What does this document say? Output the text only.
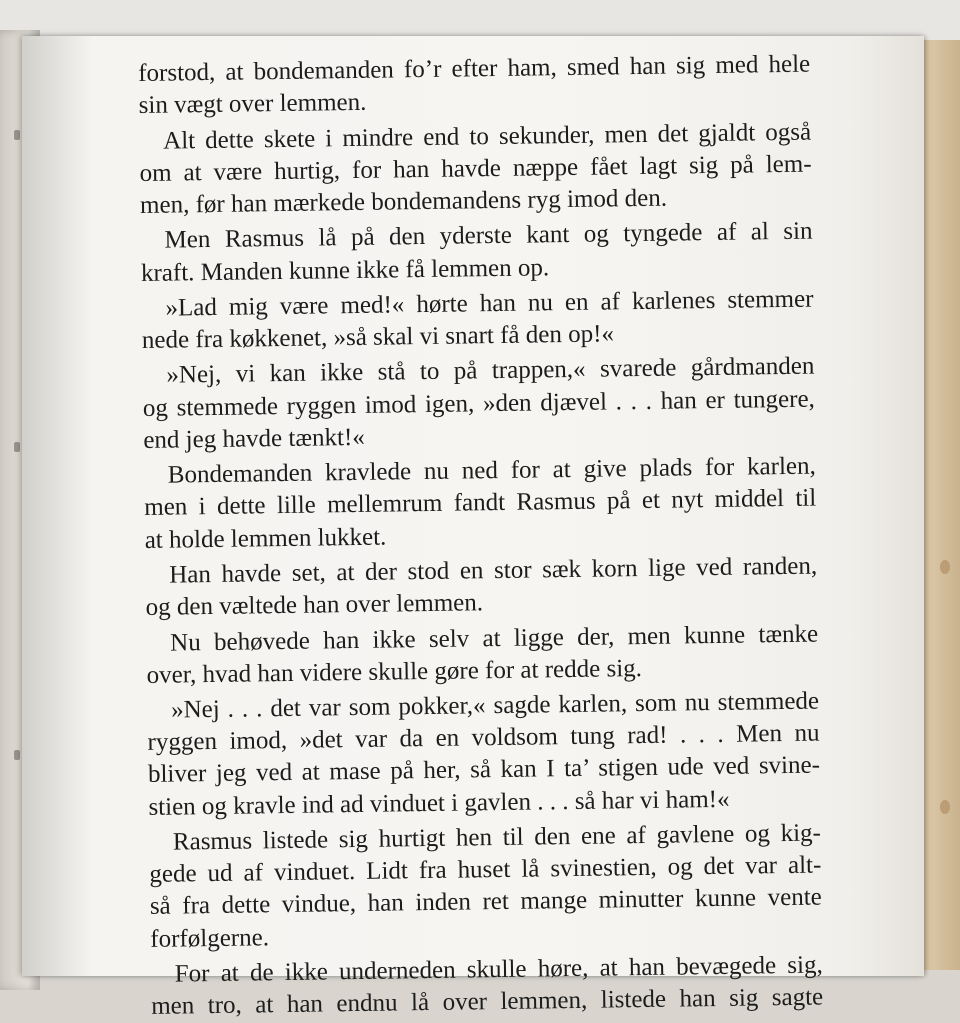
forstod, at bondemanden fo’r efter ham, smed han sig med hele
sin vægt over lemmen.
Alt dette skete i mindre end to sekunder, men det gjaldt også
om at være hurtig, for han havde næppe fået lagt sig på lem-
men, før han mærkede bondemandens ryg imod den.
Men Rasmus lå på den yderste kant og tyngede af al sin
kraft. Manden kunne ikke få lemmen op.
»Lad mig være med!« hørte han nu en af karlenes stemmer
nede fra køkkenet, »så skal vi snart få den op!«
»Nej, vi kan ikke stå to på trappen,« svarede gårdmanden
og stemmede ryggen imod igen, »den djævel . . . han er tungere,
end jeg havde tænkt!«
Bondemanden kravlede nu ned for at give plads for karlen,
men i dette lille mellemrum fandt Rasmus på et nyt middel til
at holde lemmen lukket.
Han havde set, at der stod en stor sæk korn lige ved randen,
og den væltede han over lemmen.
Nu behøvede han ikke selv at ligge der, men kunne tænke
over, hvad han videre skulle gøre for at redde sig.
»Nej . . . det var som pokker,« sagde karlen, som nu stemmede
ryggen imod, »det var da en voldsom tung rad! . . . Men nu
bliver jeg ved at mase på her, så kan I ta’ stigen ude ved svine-
stien og kravle ind ad vinduet i gavlen . . . så har vi ham!«
Rasmus listede sig hurtigt hen til den ene af gavlene og kig-
gede ud af vinduet. Lidt fra huset lå svinestien, og det var alt-
så fra dette vindue, han inden ret mange minutter kunne vente
forfølgerne.
For at de ikke underneden skulle høre, at han bevægede sig,
men tro, at han endnu lå over lemmen, listede han sig sagte
